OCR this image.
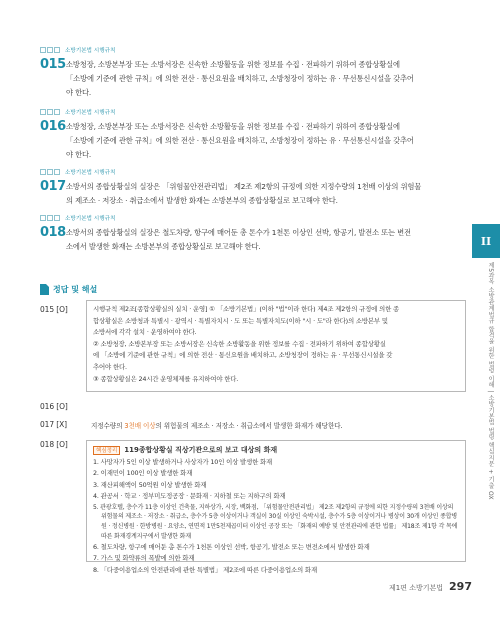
소방기본법 시행규칙
015 소방청장, 소방본부장 또는 소방서장은 신속한 소방활동을 위한 정보를 수집 · 전파하기 위하여 종합상황실에
「소방에 기준에 관한 규칙」에 의한 전산 · 통신요원을 배치하고, 소방청장이 정하는 유 · 무선통신시설을 갖추어
야 한다.
소방기본법 시행규칙
016 소방청장, 소방본부장 또는 소방서장은 신속한 소방활동을 위한 정보를 수집 · 전파하기 위하여 종합상황실에
「소방에 기준에 관한 규칙」에 의한 전산 · 통신요원을 배치하고, 소방청장이 정하는 유 · 무선통신시설을 갖추어
야 한다.
소방기본법 시행규칙
017 소방서의 종합상황실의 실장은 「위험물안전관리법」 제2조 제2항의 규정에 의한 지정수량의 1천배 이상의 위험물
의 제조소 · 저장소 · 취급소에서 발생한 화재는 소방본부의 종합상황실로 보고해야 한다.
소방기본법 시행규칙
018 소방서의 종합상황실의 실장은 철도차량, 항구에 매어둔 총 톤수가 1천톤 이상인 선박, 항공기, 발전소 또는 변전
소에서 발생한 화재는 소방본부의 종합상황실로 보고해야 한다.	II
제5과목 소방관계법규 합격을 위한 법령 이해 | 소방기본법 법령 핵심지문 + 기출 OX
정답 및 해설
015 [O]	시행규칙 제2조[종합상황실의 실치 · 운영] ① 「소방기본법」(이하 "법"이라 한다) 제4조 제2항의 규정에 의한 종
합상황실은 소방청과 특별시 · 광역시 · 특별자치시 · 도 또는 특별자치도(이하 "시 · 도"라 한다)의 소방본부 및
소방서에 각각 설치 · 운영하여야 한다.
② 소방청장, 소방본부장 또는 소방서장은 신속한 소방활동을 위한 정보를 수집 · 전파하기 위하여 종합상황실
에 「소방에 기준에 관한 규칙」에 의한 전산 · 통신요원을 배치하고, 소방청장이 정하는 유 · 무선통신시설을 갖
추어야 한다.
③ 종합상황실은 24시간 운영체제를 유지하여야 한다.
016 [O]
017 [X]	지정수량의 3천배 이상의 위험물의 제조소 · 저장소 · 취급소에서 발생한 화재가 해당한다.
018 [O]
핵심정리	119종합상황실 직상기관으로의 보고 대상의 화재
1. 사망자가 5인 이상 발생하거나 사상자가 10인 이상 발생한 화재
2. 이재민이 100인 이상 발생한 화재
3. 재산피해액이 50억원 이상 발생한 화재
4. 관공서 · 학교 · 정부미도정공장 · 문화재 · 지하철 또는 지하구의 화재
5. 관광호텔, 층수가 11층 이상인 건축물, 지하상가, 시장, 백화점, 「위험물안전관리법」 제2조 제2항의 규정에 의한 지정수량의 3천배 이상의 위험물의 제조소 · 저장소 · 취급소, 층수가 5층 이상이거나 객실이 30실 이상인 숙박시설, 층수가 5층 이상이거나 병상이 30개 이상인 종합병원 · 정신병원 · 한방병원 · 요양소, 연면적 1만5천제곱미터 이상인 공장 또는 「화재의 예방 및 안전관리에 관한 법률」 제18조 제1항 각 목에 따른 화재경계지구에서 발생한 화재
6. 철도차량, 항구에 매어둔 총 톤수가 1천톤 이상인 선박, 항공기, 발전소 또는 변전소에서 발생한 화재
7. 가스 및 화약류의 폭발에 의한 화재
8. 「다중이용업소의 안전관리에 관한 특별법」 제2조에 따른 다중이용업소의 화재
제1편 소방기본법 297
